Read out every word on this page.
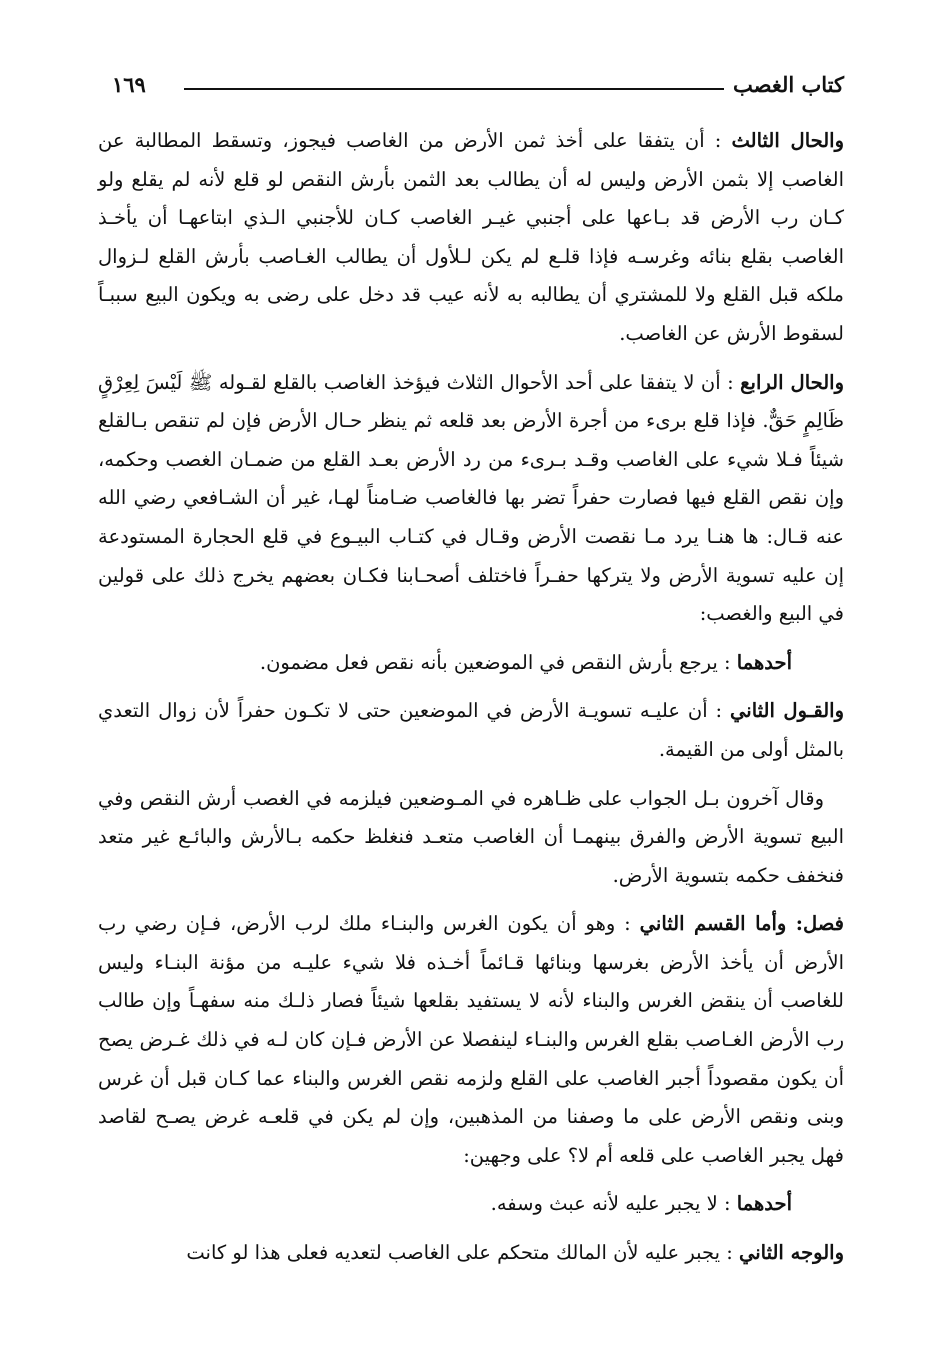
كتاب الغصب
١٦٩

والحال الثالث : أن يتفقا على أخذ ثمن الأرض من الغاصب فيجوز، وتسقط المطالبة عن الغاصب إلا بثمن الأرض وليس له أن يطالب بعد الثمن بأرش النقص لو قلع لأنه لم يقلع ولو كـان رب الأرض قد بـاعها على أجنبي غيـر الغاصب كـان للأجنبي الـذي ابتاعهـا أن يأخـذ الغاصب بقلع بنائه وغرسـه فإذا قلـع لم يكن لـلأول أن يطالب الغـاصب بأرش القلع لـزوال ملكه قبل القلع ولا للمشتري أن يطالبه به لأنه عيب قد دخل على رضى به ويكون البيع سببـاً لسقوط الأرش عن الغاصب.

والحال الرابع : أن لا يتفقا على أحد الأحوال الثلاث فيؤخذ الغاصب بالقلع لقـوله ﷺ لَيْسَ لِعِرْقٍ ظَالِمٍ حَقٌّ. فإذا قلع برىء من أجرة الأرض بعد قلعه ثم ينظر حـال الأرض فإن لم تنقص بـالقلع شيئاً فـلا شيء على الغاصب وقـد بـرىء من رد الأرض بعـد القلع من ضمـان الغصب وحكمه، وإن نقص القلع فيها فصارت حفراً تضر بها فالغاصب ضـامناً لهـا، غير أن الشـافعي رضي الله عنه قـال: ها هنـا يرد مـا نقصت الأرض وقـال في كتـاب البيـوع في قلع الحجارة المستودعة إن عليه تسوية الأرض ولا يتركها حفـراً فاختلف أصحـابنا فكـان بعضهم يخرج ذلك على قولين في البيع والغصب:

أحدهما : يرجع بأرش النقص في الموضعين بأنه نقص فعل مضمون.

والقـول الثاني : أن عليـه تسويـة الأرض في الموضعين حتى لا تكـون حفراً لأن زوال التعدي بالمثل أولى من القيمة.

وقال آخرون بـل الجواب على ظـاهره في المـوضعين فيلزمه في الغصب أرش النقص وفي البيع تسوية الأرض والفرق بينهمـا أن الغاصب متعـد فنغلظ حكمه بـالأرش والبائـع غير متعد فنخفف حكمه بتسوية الأرض.

فصل: وأما القسم الثاني : وهو أن يكون الغرس والبنـاء ملك لرب الأرض، فـإن رضي رب الأرض أن يأخذ الأرض بغرسها وبنائها قـائماً أخـذه فلا شيء عليـه من مؤنة البنـاء وليس للغاصب أن ينقض الغرس والبناء لأنه لا يستفيد بقلعها شيئاً فصار ذلـك منه سفهـاً وإن طالب رب الأرض الغـاصب بقلع الغرس والبنـاء لينفصلا عن الأرض فـإن كان لـه في ذلك غـرض يصح أن يكون مقصوداً أجبر الغاصب على القلع ولزمه نقص الغرس والبناء عما كـان قبل أن غرس وبنى ونقص الأرض على ما وصفنا من المذهبين، وإن لم يكن في قلعـه غرض يصـح لقاصد فهل يجبر الغاصب على قلعه أم لا؟ على وجهين:

أحدهما : لا يجبر عليه لأنه عبث وسفه.

والوجه الثاني : يجبر عليه لأن المالك متحكم على الغاصب لتعديه فعلى هذا لو كانت
